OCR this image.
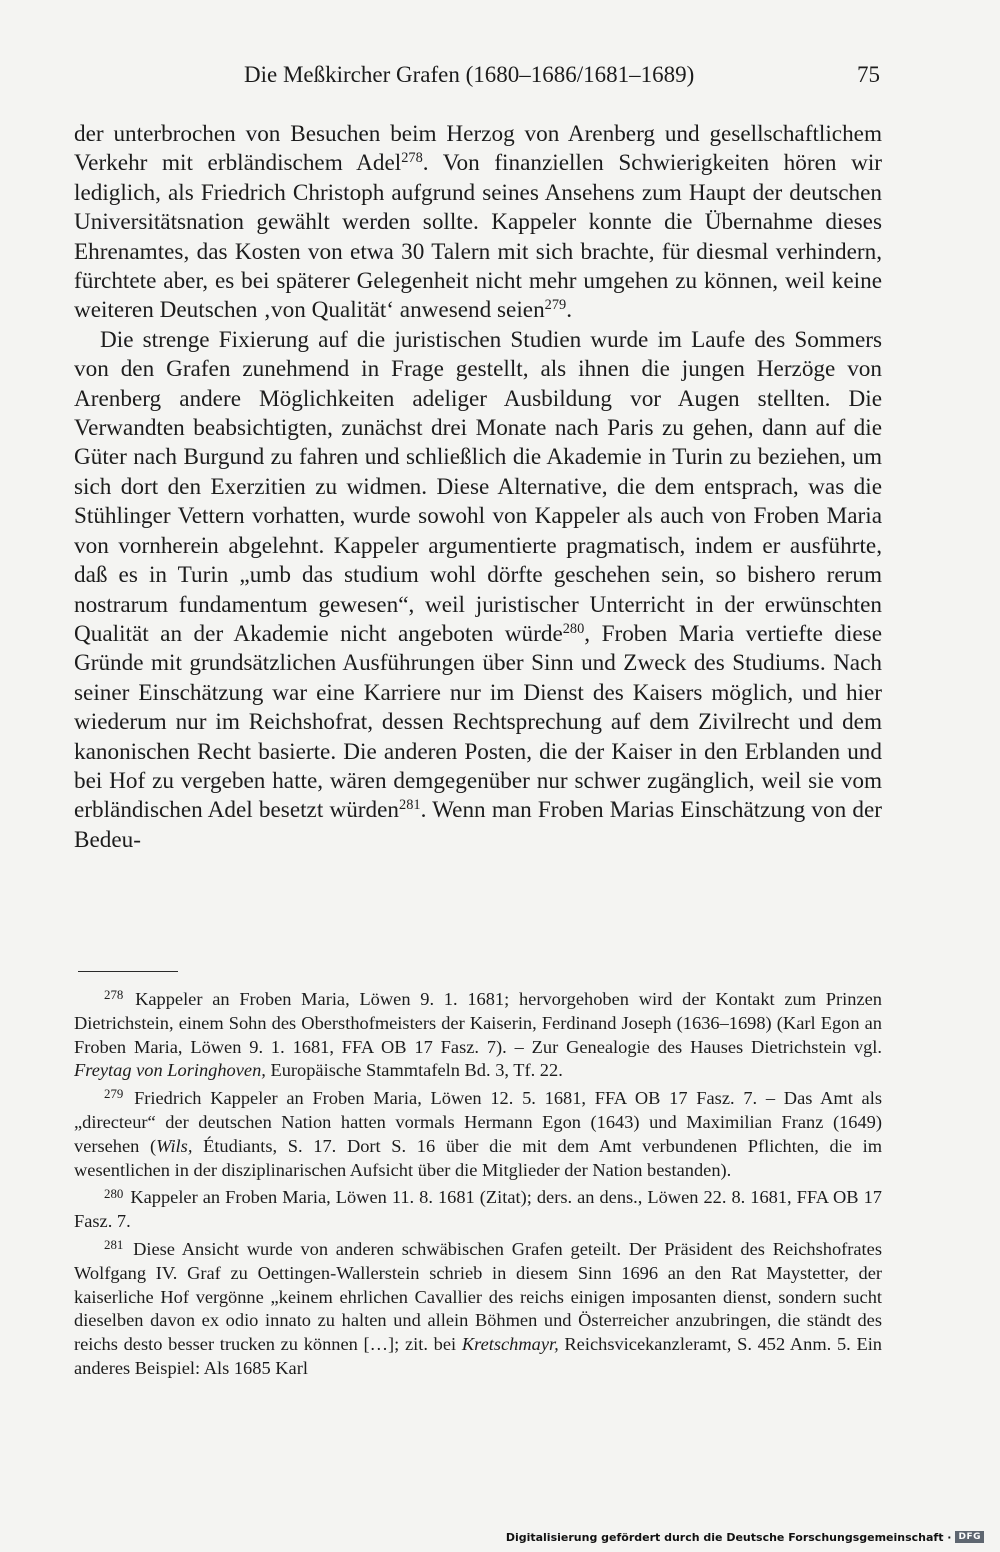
Die Meßkircher Grafen (1680–1686/1681–1689)	75

der unterbrochen von Besuchen beim Herzog von Arenberg und gesellschaftlichem Verkehr mit erbländischem Adel$^{278}$. Von finanziellen Schwierigkeiten hören wir lediglich, als Friedrich Christoph aufgrund seines Ansehens zum Haupt der deutschen Universitätsnation gewählt werden sollte. Kappeler konnte die Übernahme dieses Ehrenamtes, das Kosten von etwa 30 Talern mit sich brachte, für diesmal verhindern, fürchtete aber, es bei späterer Gelegenheit nicht mehr umgehen zu können, weil keine weiteren Deutschen ‚von Qualität‘ anwesend seien$^{279}$.

Die strenge Fixierung auf die juristischen Studien wurde im Laufe des Sommers von den Grafen zunehmend in Frage gestellt, als ihnen die jungen Herzöge von Arenberg andere Möglichkeiten adeliger Ausbildung vor Augen stellten. Die Verwandten beabsichtigten, zunächst drei Monate nach Paris zu gehen, dann auf die Güter nach Burgund zu fahren und schließlich die Akademie in Turin zu beziehen, um sich dort den Exerzitien zu widmen. Diese Alternative, die dem entsprach, was die Stühlinger Vettern vorhatten, wurde sowohl von Kappeler als auch von Froben Maria von vornherein abgelehnt. Kappeler argumentierte pragmatisch, indem er ausführte, daß es in Turin „umb das studium wohl dörfte geschehen sein, so bishero rerum nostrarum fundamentum gewesen“, weil juristischer Unterricht in der erwünschten Qualität an der Akademie nicht angeboten würde$^{280}$, Froben Maria vertiefte diese Gründe mit grundsätzlichen Ausführungen über Sinn und Zweck des Studiums. Nach seiner Einschätzung war eine Karriere nur im Dienst des Kaisers möglich, und hier wiederum nur im Reichshofrat, dessen Rechtsprechung auf dem Zivilrecht und dem kanonischen Recht basierte. Die anderen Posten, die der Kaiser in den Erblanden und bei Hof zu vergeben hatte, wären demgegenüber nur schwer zugänglich, weil sie vom erbländischen Adel besetzt würden$^{281}$. Wenn man Froben Marias Einschätzung von der Bedeu-

$^{278}$ Kappeler an Froben Maria, Löwen 9. 1. 1681; hervorgehoben wird der Kontakt zum Prinzen Dietrichstein, einem Sohn des Obersthofmeisters der Kaiserin, Ferdinand Joseph (1636–1698) (Karl Egon an Froben Maria, Löwen 9. 1. 1681, FFA OB 17 Fasz. 7). – Zur Genealogie des Hauses Dietrichstein vgl. Freytag von Loringhoven, Europäische Stammtafeln Bd. 3, Tf. 22.

$^{279}$ Friedrich Kappeler an Froben Maria, Löwen 12. 5. 1681, FFA OB 17 Fasz. 7. – Das Amt als „directeur“ der deutschen Nation hatten vormals Hermann Egon (1643) und Maximilian Franz (1649) versehen (Wils, Étudiants, S. 17. Dort S. 16 über die mit dem Amt verbundenen Pflichten, die im wesentlichen in der disziplinarischen Aufsicht über die Mitglieder der Nation bestanden).

$^{280}$ Kappeler an Froben Maria, Löwen 11. 8. 1681 (Zitat); ders. an dens., Löwen 22. 8. 1681, FFA OB 17 Fasz. 7.

$^{281}$ Diese Ansicht wurde von anderen schwäbischen Grafen geteilt. Der Präsident des Reichshofrates Wolfgang IV. Graf zu Oettingen-Wallerstein schrieb in diesem Sinn 1696 an den Rat Maystetter, der kaiserliche Hof vergönne „keinem ehrlichen Cavallier des reichs einigen imposanten dienst, sondern sucht dieselben davon ex odio innato zu halten und allein Böhmen und Österreicher anzubringen, die ständt des reichs desto besser trucken zu können […]; zit. bei Kretschmayr, Reichsvicekanzleramt, S. 452 Anm. 5. Ein anderes Beispiel: Als 1685 Karl

Digitalisierung gefördert durch die Deutsche Forschungsgemeinschaft · DFG
